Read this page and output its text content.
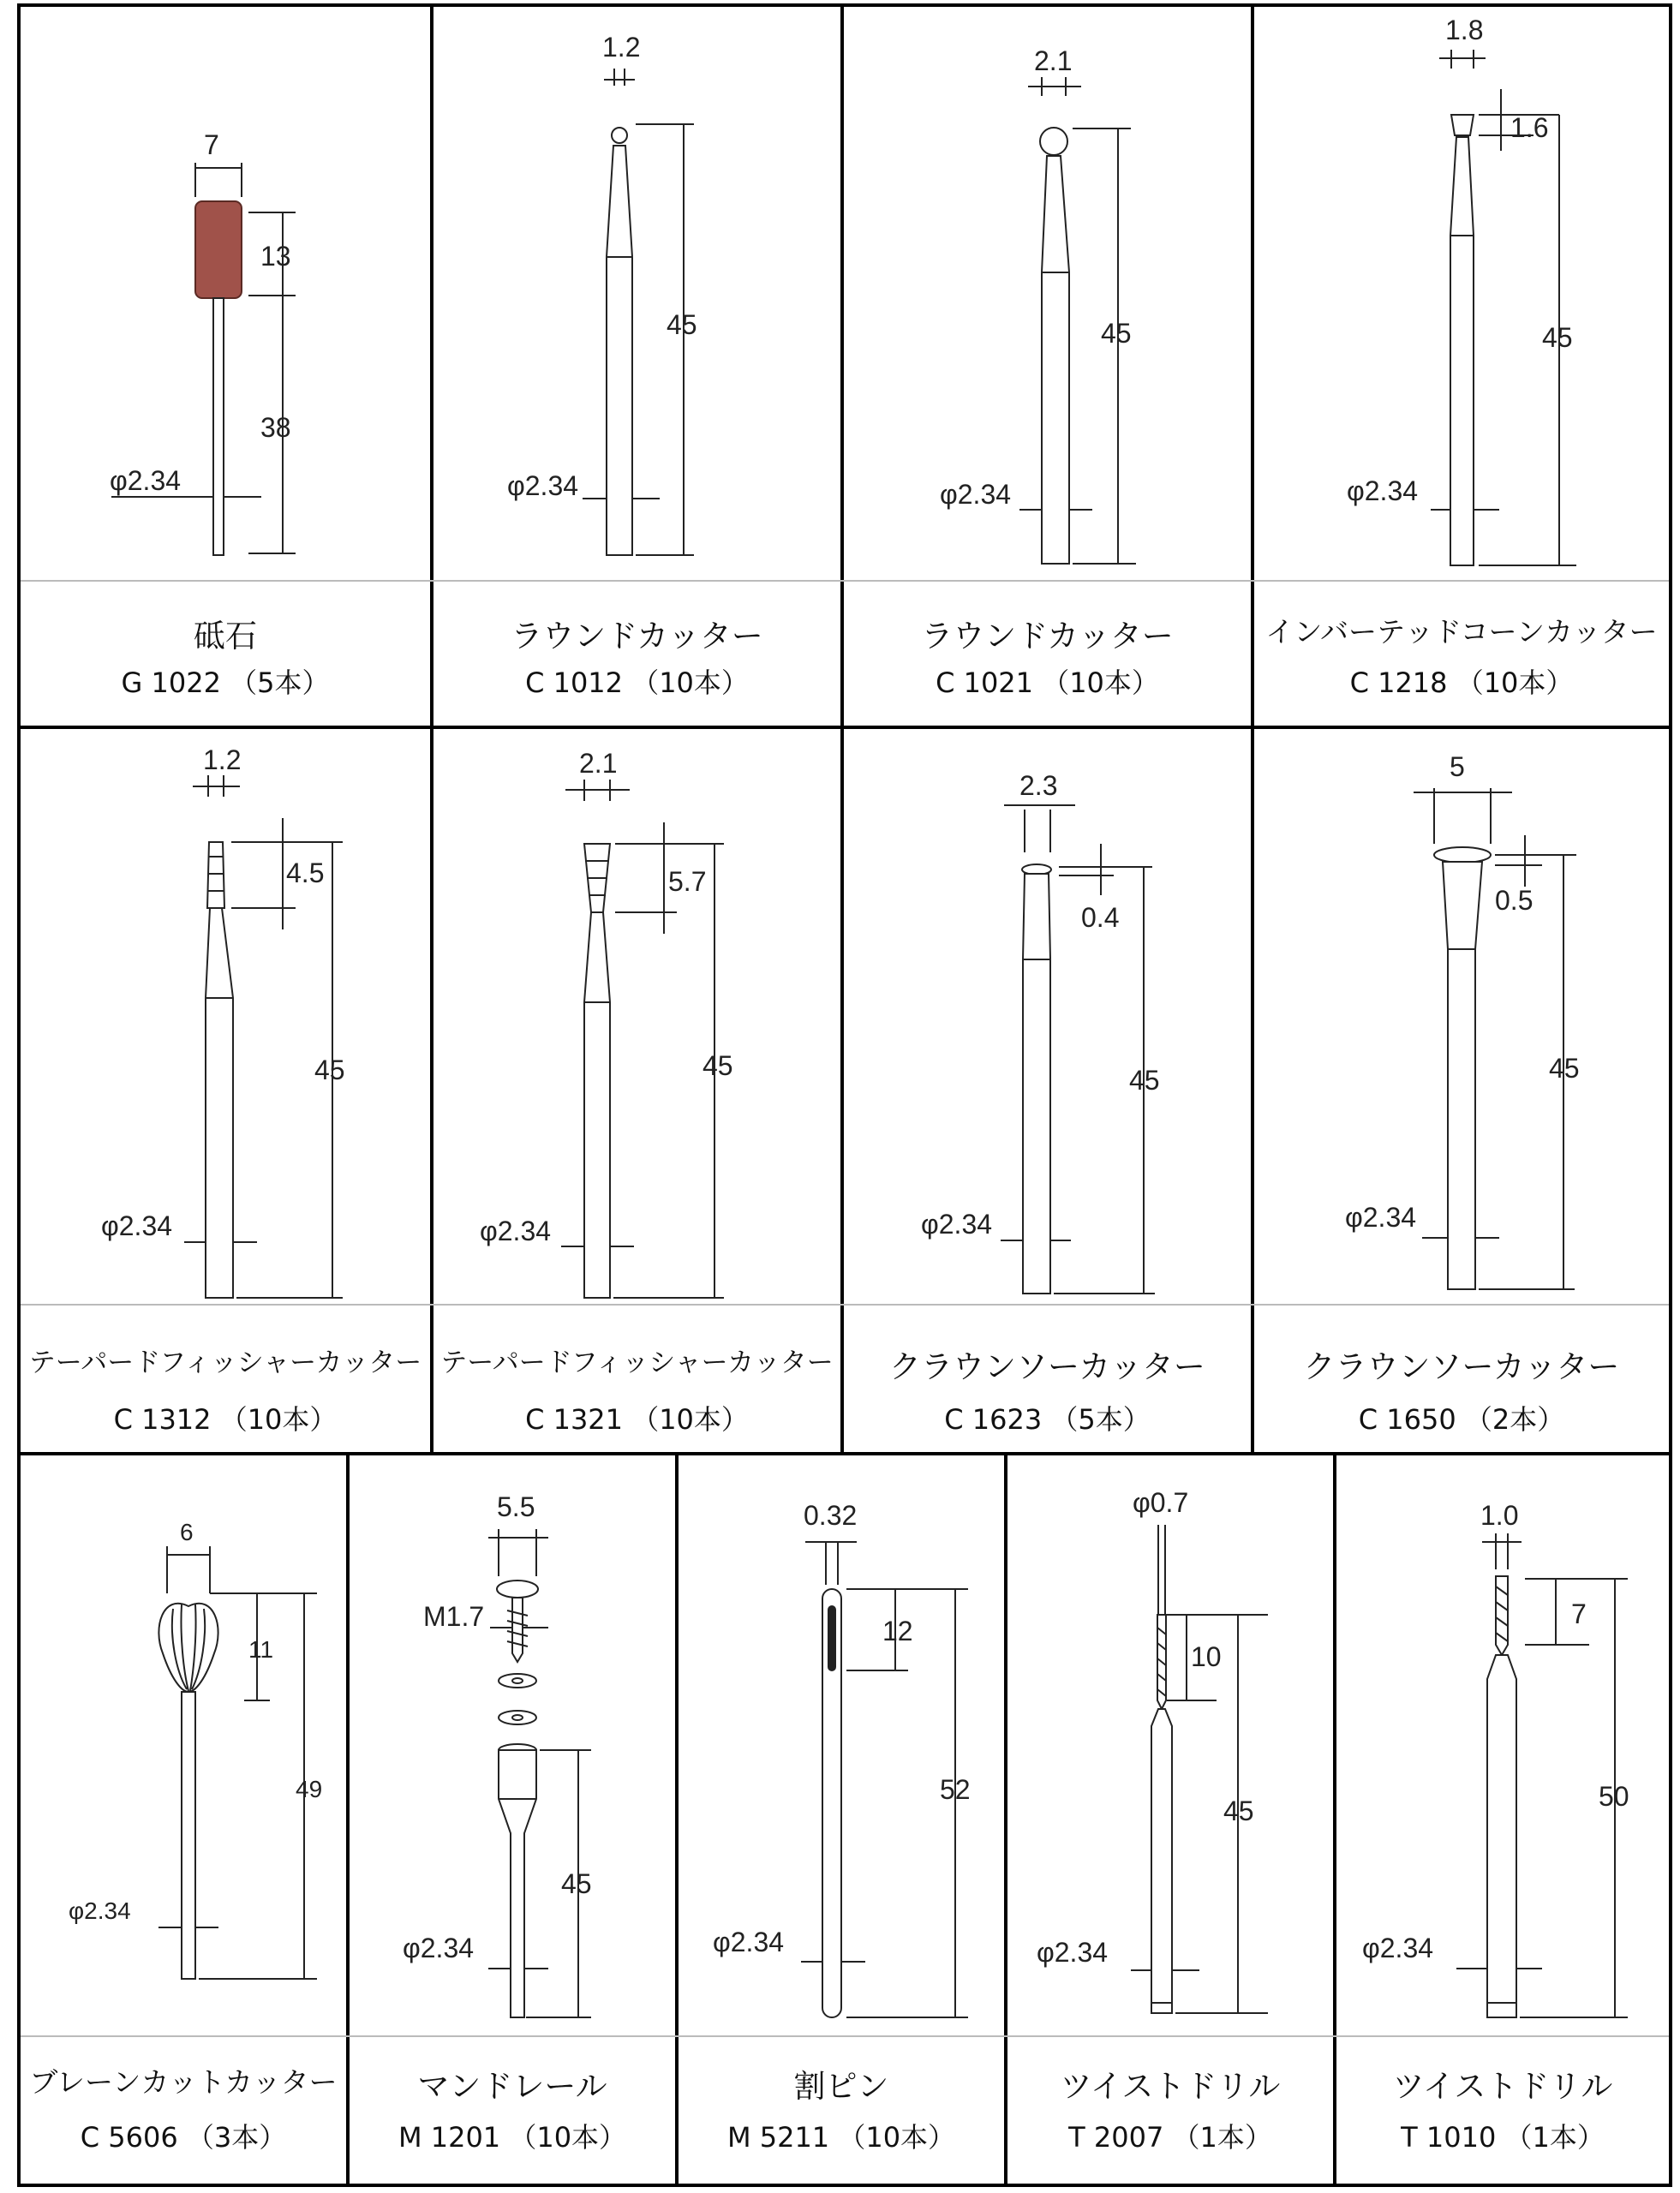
7
13
38
φ2.34
1.2
45
φ2.34
2.1
45
φ2.34
1.8
1.6
45
φ2.34
1.2
4.5
45
φ2.34
2.1
5.7
45
φ2.34
2.3
0.4
45
φ2.34
5
0.5
45
φ2.34
6
11
49
φ2.34
5.5
M1.7
45
φ2.34
0.32
12
52
φ2.34
φ0.7
10
45
φ2.34
1.0
7
50
φ2.34
砥石
G 1022 （5本）
ラウンドカッター
C 1012 （10本）
ラウンドカッター
C 1021 （10本）
インバーテッドコーンカッター
C 1218 （10本）
テーパードフィッシャーカッター
C 1312 （10本）
テーパードフィッシャーカッター
C 1321 （10本）
クラウンソーカッター
C 1623 （5本）
クラウンソーカッター
C 1650 （2本）
ブレーンカットカッター
C 5606 （3本）
マンドレール
M 1201 （10本）
割ピン
M 5211 （10本）
ツイストドリル
T 2007 （1本）
ツイストドリル
T 1010 （1本）
